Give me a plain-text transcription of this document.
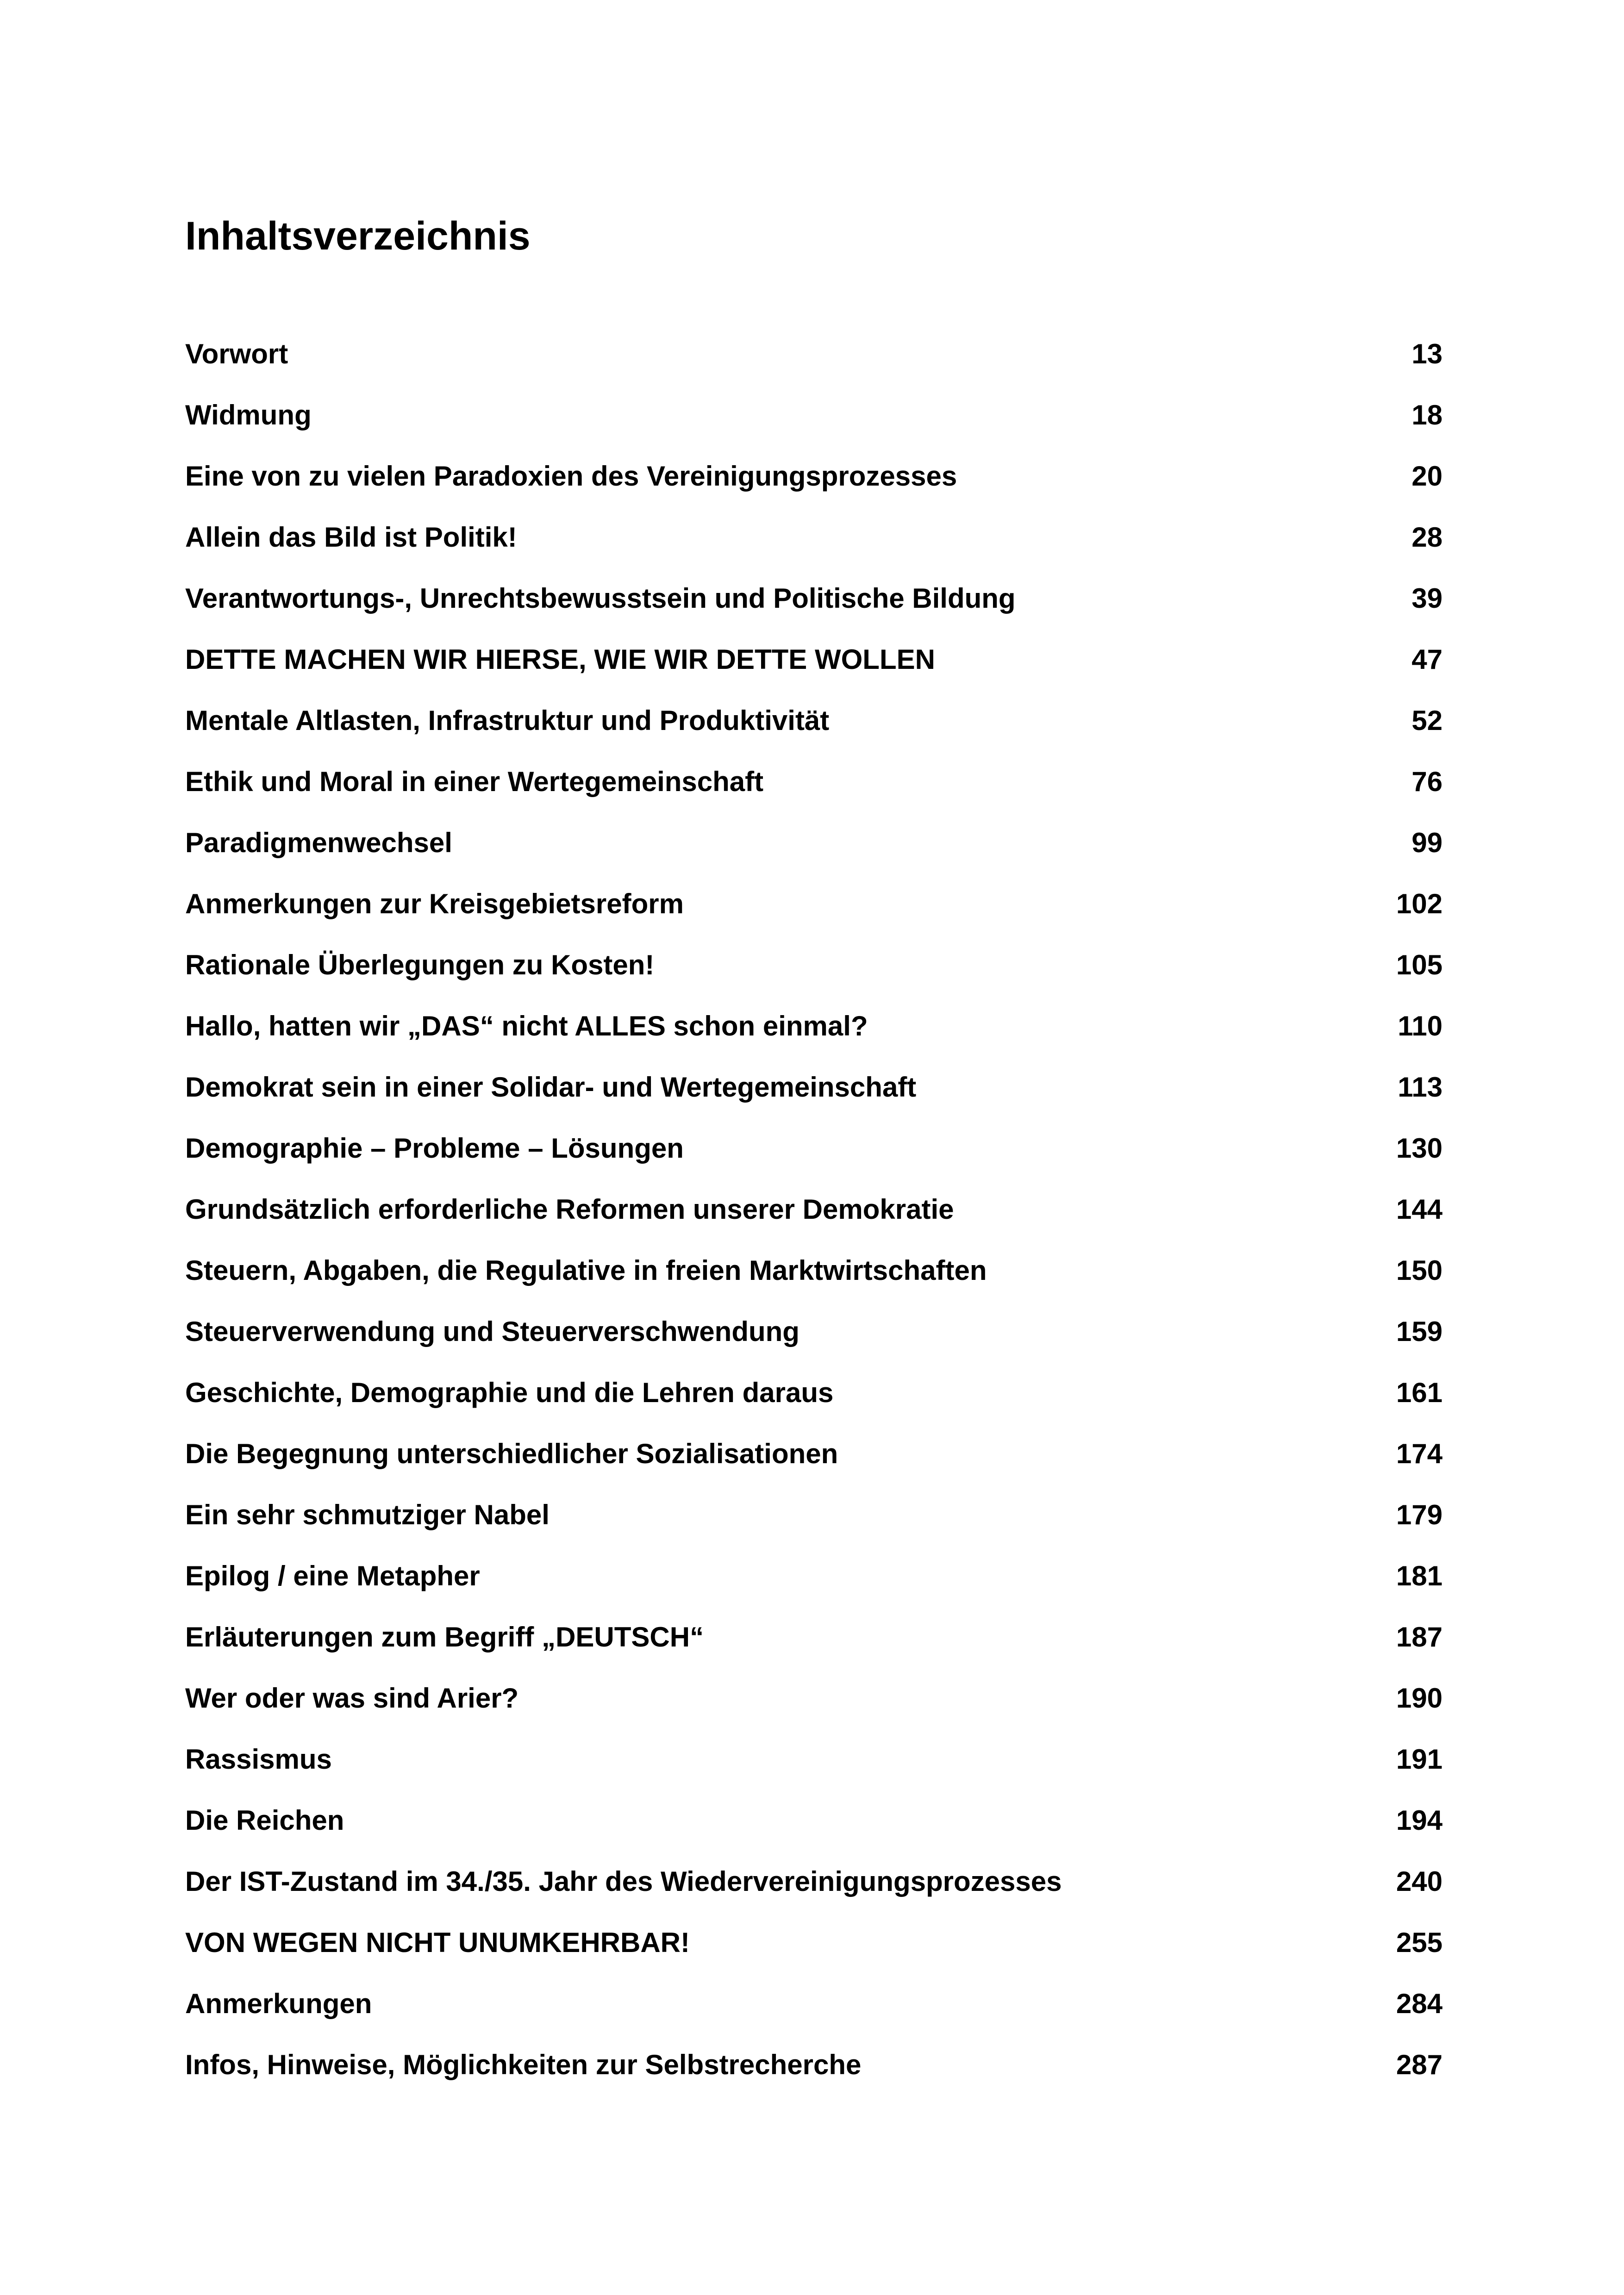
Inhaltsverzeichnis
Vorwort	13
Widmung	18
Eine von zu vielen Paradoxien des Vereinigungsprozesses	20
Allein das Bild ist Politik!	28
Verantwortungs-, Unrechtsbewusstsein und Politische Bildung	39
DETTE MACHEN WIR HIERSE, WIE WIR DETTE WOLLEN	47
Mentale Altlasten, Infrastruktur und Produktivität	52
Ethik und Moral in einer Wertegemeinschaft	76
Paradigmenwechsel	99
Anmerkungen zur Kreisgebietsreform	102
Rationale Überlegungen zu Kosten!	105
Hallo, hatten wir „DAS“ nicht ALLES schon einmal?	110
Demokrat sein in einer Solidar- und Wertegemeinschaft	113
Demographie – Probleme – Lösungen	130
Grundsätzlich erforderliche Reformen unserer Demokratie	144
Steuern, Abgaben, die Regulative in freien Marktwirtschaften	150
Steuerverwendung und Steuerverschwendung	159
Geschichte, Demographie und die Lehren daraus	161
Die Begegnung unterschiedlicher Sozialisationen	174
Ein sehr schmutziger Nabel	179
Epilog / eine Metapher	181
Erläuterungen zum Begriff „DEUTSCH“	187
Wer oder was sind Arier?	190
Rassismus	191
Die Reichen	194
Der IST-Zustand im 34./35. Jahr des Wiedervereinigungsprozesses	240
VON WEGEN NICHT UNUMKEHRBAR!	255
Anmerkungen	284
Infos, Hinweise, Möglichkeiten zur Selbstrecherche	287
